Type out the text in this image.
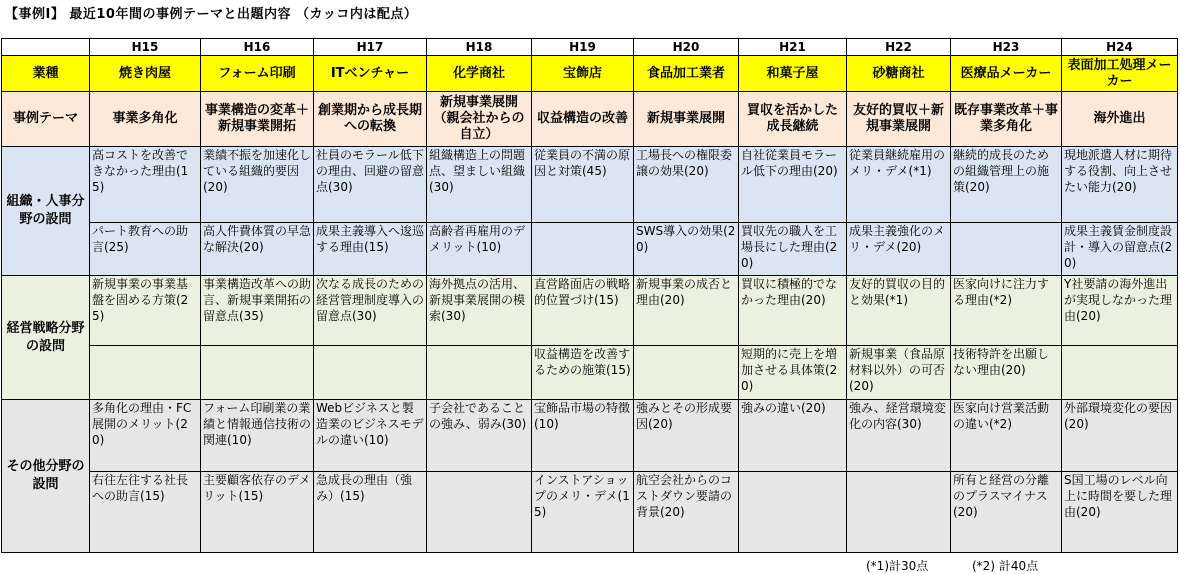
【事例Ⅰ】 最近10年間の事例テーマと出題内容 （カッコ内は配点）
	H15	H16	H17	H18	H19	H20	H21	H22	H23	H24
業種	焼き肉屋	フォーム印刷	ITベンチャー	化学商社	宝飾店	食品加工業者	和菓子屋	砂糖商社	医療品メーカー	表面加工処理メーカー
事例テーマ	事業多角化	事業構造の変革＋新規事業開拓	創業期から成長期への転換	新規事業展開（親会社からの自立）	収益構造の改善	新規事業展開	買収を活かした成長継続	友好的買収＋新規事業展開	既存事業改革＋事業多角化	海外進出
組織・人事分野の設問	高コストを改善できなかった理由(15)	業績不振を加速化している組織的要因(20)	社員のモラール低下の理由、回避の留意点(30)	組織構造上の問題点、望ましい組織(30)	従業員の不満の原因と対策(45)	工場長への権限委譲の効果(20)	自社従業員モラール低下の理由(20)	従業員継続雇用のメリ・デメ(*1)	継続的成長のための組織管理上の施策(20)	現地派遣人材に期待する役割、向上させたい能力(20)
	パート教育への助言(25)	高人件費体質の早急な解決(20)	成果主義導入へ逡巡する理由(15)	高齢者再雇用のデメリット(10)		SWS導入の効果(20)	買収先の職人を工場長にした理由(20)	成果主義強化のメリ・デメ(20)		成果主義賃金制度設計・導入の留意点(20)
経営戦略分野の設問	新規事業の事業基盤を固める方策(25)	事業構造改革への助言、新規事業開拓の留意点(35)	次なる成長のための経営管理制度導入の留意点(30)	海外拠点の活用、新規事業展開の模索(30)	直営路面店の戦略的位置づけ(15)	新規事業の成否と理由(20)	買収に積極的でなかった理由(20)	友好的買収の目的と効果(*1)	医家向けに注力する理由(*2)	Y社要請の海外進出が実現しなかった理由(20)
					収益構造を改善するための施策(15)		短期的に売上を増加させる具体策(20)	新規事業（食品原材料以外）の可否(20)	技術特許を出願しない理由(20)	
その他分野の設問	多角化の理由・FC展開のメリット(20)	フォーム印刷業の業績と情報通信技術の関連(10)	Webビジネスと製造業のビジネスモデルの違い(10)	子会社であることの強み、弱み(30)	宝飾品市場の特徴(10)	強みとその形成要因(20)	強みの違い(20)	強み、経営環境変化の内容(30)	医家向け営業活動の違い(*2)	外部環境変化の要因(20)
	右往左往する社長への助言(15)	主要顧客依存のデメリット(15)	急成長の理由（強み）(15)		インストアショップのメリ・デメ(15)	航空会社からのコストダウン要請の背景(20)			所有と経営の分離のプラスマイナス(20)	S国工場のレベル向上に時間を要した理由(20)
(*1)計30点	(*2) 計40点
